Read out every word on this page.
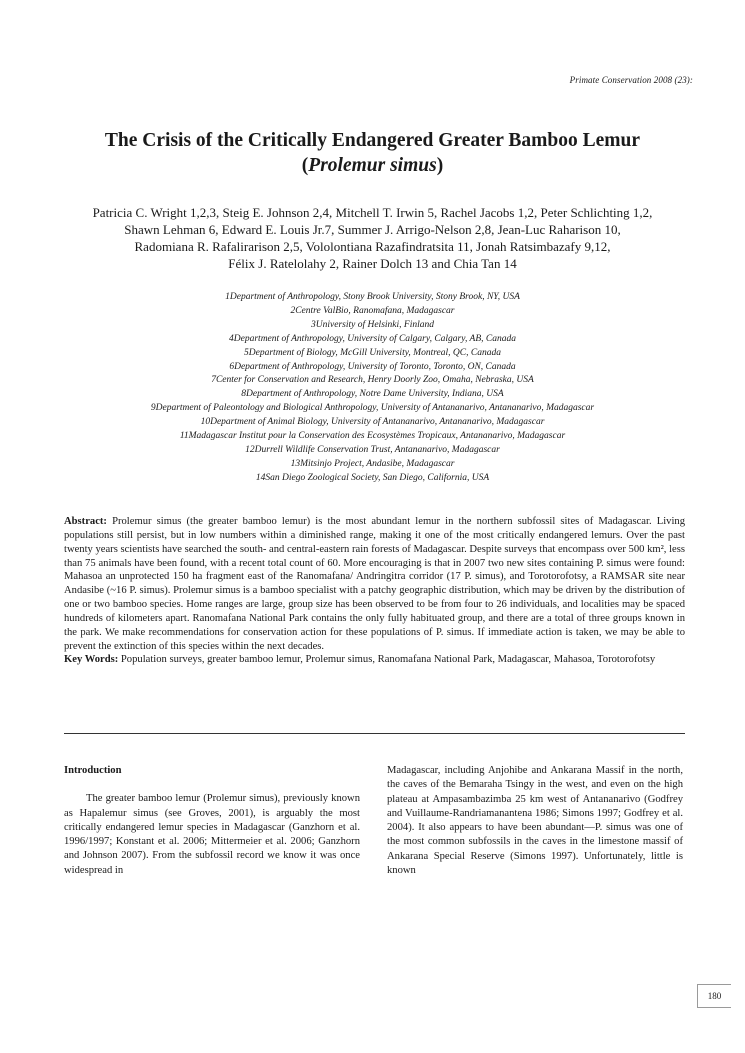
Primate Conservation 2008 (23):
The Crisis of the Critically Endangered Greater Bamboo Lemur
(Prolemur simus)
Patricia C. Wright 1,2,3, Steig E. Johnson 2,4, Mitchell T. Irwin 5, Rachel Jacobs 1,2, Peter Schlichting 1,2,
Shawn Lehman 6, Edward E. Louis Jr.7, Summer J. Arrigo-Nelson 2,8, Jean-Luc Raharison 10,
Radomiana R. Rafalirarison 2,5, Vololontiana Razafindratsita 11, Jonah Ratsimbazafy 9,12,
Félix J. Ratelolahy 2, Rainer Dolch 13 and Chia Tan 14
1Department of Anthropology, Stony Brook University, Stony Brook, NY, USA
2Centre ValBio, Ranomafana, Madagascar
3University of Helsinki, Finland
4Department of Anthropology, University of Calgary, Calgary, AB, Canada
5Department of Biology, McGill University, Montreal, QC, Canada
6Department of Anthropology, University of Toronto, Toronto, ON, Canada
7Center for Conservation and Research, Henry Doorly Zoo, Omaha, Nebraska, USA
8Department of Anthropology, Notre Dame University, Indiana, USA
9Department of Paleontology and Biological Anthropology, University of Antananarivo, Antananarivo, Madagascar
10Department of Animal Biology, University of Antananarivo, Antananarivo, Madagascar
11Madagascar Institut pour la Conservation des Ecosystèmes Tropicaux, Antananarivo, Madagascar
12Durrell Wildlife Conservation Trust, Antananarivo, Madagascar
13Mitsinjo Project, Andasibe, Madagascar
14San Diego Zoological Society, San Diego, California, USA
Abstract: Prolemur simus (the greater bamboo lemur) is the most abundant lemur in the northern subfossil sites of Madagascar. Living populations still persist, but in low numbers within a diminished range, making it one of the most critically endangered lemurs. Over the past twenty years scientists have searched the south- and central-eastern rain forests of Madagascar. Despite surveys that encompass over 500 km², less than 75 animals have been found, with a recent total count of 60. More encouraging is that in 2007 two new sites containing P. simus were found: Mahasoa an unprotected 150 ha fragment east of the Ranomafana/ Andringitra corridor (17 P. simus), and Torotorofotsy, a RAMSAR site near Andasibe (~16 P. simus). Prolemur simus is a bamboo specialist with a patchy geographic distribution, which may be driven by the distribution of one or two bamboo species. Home ranges are large, group size has been observed to be from four to 26 individuals, and localities may be spaced hundreds of kilometers apart. Ranomafana National Park contains the only fully habituated group, and there are a total of three groups known in the park. We make recommendations for conservation action for these populations of P. simus. If immediate action is taken, we may be able to prevent the extinction of this species within the next decades.
Key Words: Population surveys, greater bamboo lemur, Prolemur simus, Ranomafana National Park, Madagascar, Mahasoa, Torotorofotsy
Introduction

The greater bamboo lemur (Prolemur simus), previously known as Hapalemur simus (see Groves, 2001), is arguably the most critically endangered lemur species in Madagascar (Ganzhorn et al. 1996/1997; Konstant et al. 2006; Mittermeier et al. 2006; Ganzhorn and Johnson 2007). From the subfossil record we know it was once widespread in

Madagascar, including Anjohibe and Ankarana Massif in the north, the caves of the Bemaraha Tsingy in the west, and even on the high plateau at Ampasambazimba 25 km west of Antananarivo (Godfrey and Vuillaume-Randriamanantena 1986; Simons 1997; Godfrey et al. 2004). It also appears to have been abundant—P. simus was one of the most common subfossils in the caves in the limestone massif of Ankarana Special Reserve (Simons 1997). Unfortunately, little is known

180
